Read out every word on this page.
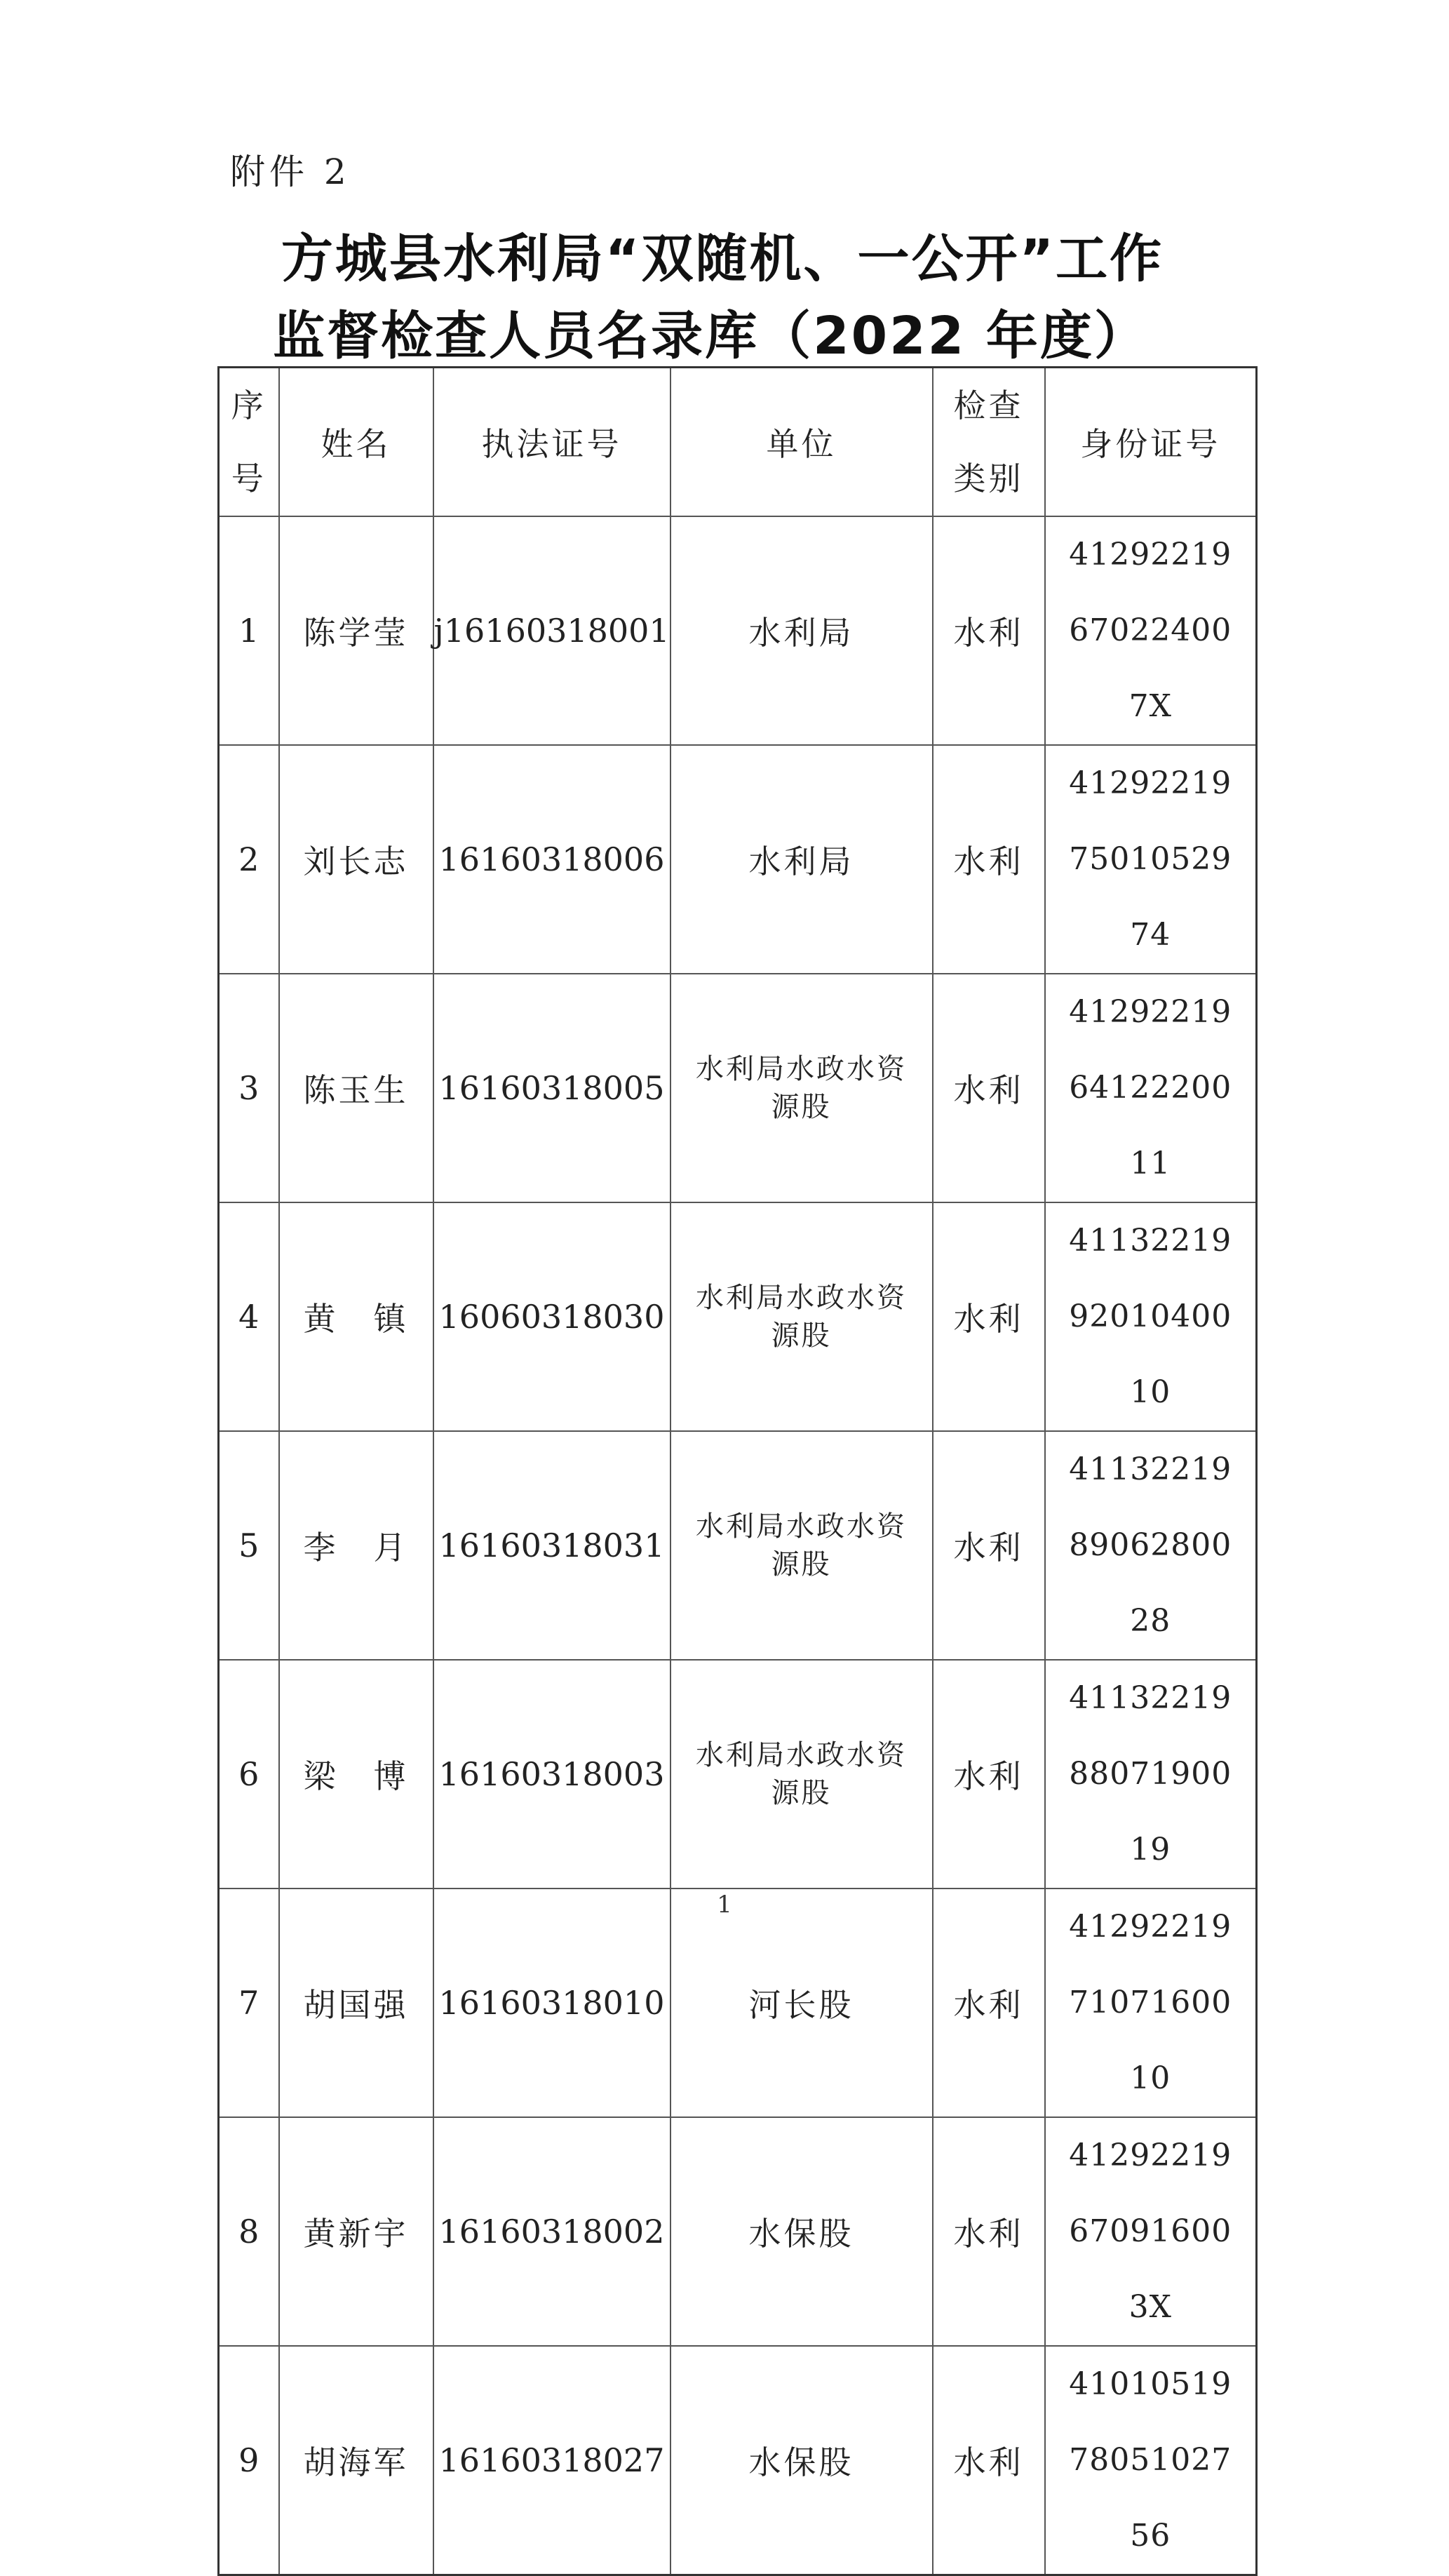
附件 2
方城县水利局“双随机、一公开”工作
监督检查人员名录库（2022 年度）
序号	姓名	执法证号	单位	检查类别	身份证号
1	陈学莹	j16160318001	水利局	水利	41292219670224007X
2	刘长志	16160318006	水利局	水利	412922197501052974
3	陈玉生	16160318005	水利局水政水资源股	水利	412922196412220011
4	黄　镇	16060318030	水利局水政水资源股	水利	411322199201040010
5	李　月	16160318031	水利局水政水资源股	水利	411322198906280028
6	梁　博	16160318003	水利局水政水资源股	水利	411322198807190019
7	胡国强	16160318010	河长股	水利	412922197107160010
8	黄新宇	16160318002	水保股	水利	41292219670916003X
9	胡海军	16160318027	水保股	水利	410105197805102756
1
